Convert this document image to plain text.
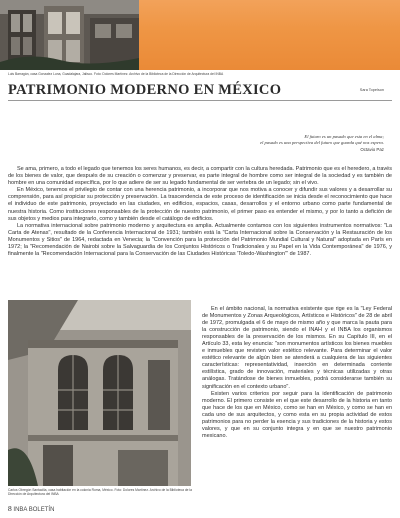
Luis Barragán, casa Gonzalez Luna, Guadalajara, Jalisco. Foto: Dolores Martínez. Archivo de la Biblioteca de la Dirección de Arquitectura del INBA
PATRIMONIO MODERNO EN MÉXICO	Sara Topelson
El futuro es un pasado que esta en el alma;
el pasado es una perspectiva del futuro que guarda qué nos espera.
Octavio Paz

Se ama, primero, a todo el legado que tenemos los seres humanos, es decir, a compartir con la cultura heredada. Patrimonio que es el heredero, a través de los bienes de valor, que después de su creación o comenzar y preservar, es parte integral de hombre como ser integral de la sociedad y es también de hombre en una comunidad específica, por lo que adiere de ser su legado fundamental de ser vertebra de un legado; sin el vivo.

En México, tenemos el privilegio de contar con una herencia patrimonio, a incorporar que nos motiva a conocer y difundir sus valores y a desarrollar su comprensión, para así propiciar su protección y preservación. La trascendencia de este proceso de identificación se inicia desde el reconocimiento que hace el individuo de este patrimonio, proyectado en las ciudades, en edificios, espacios, casas, desarrollos y el entorno urbano como parte fundamental de nuestra historia. Como instituciones responsables de la protección de nuestro patrimonio, el primer paso es entender el mismo, y por lo tanto a defición de sus objetos y medios para integrarlo, como y también desde el catálogo de edificios.

La normativa internacional sobre patrimonio moderno y arquitectura es amplia. Actualmente contamos con los siguientes instrumentos normativos: "La Carta de Atenas", resultado de la Conferencia Internacional de 1931; también está la "Carta Internacional sobre la Conservación y la Restauración de los Monumentos y Sitios" de 1964, redactada en Venecia; la "Convención para la protección del Patrimonio Mundial Cultural y Natural" adoptada en París en 1972; la "Recomendación de Nairobi sobre la Salvaguardia de los Conjuntos Históricos o Tradicionales y su Papel en la Vida Contemporánea" de 1976, y finalmente la "Recomendación Internacional para la Conservación de las Ciudades Históricas 'Toledo-Washington'" de 1987.

Carlos Obregón Santacilia, casa habitación en la colonia Roma, México. Foto: Dolores Martínez. Archivo de la Biblioteca de la Dirección de Arquitectura del INBA

En el ámbito nacional, la normativa existente que rige es la "Ley Federal de Monumentos y Zonas Arqueológicos, Artísticos e Históricos" de 28 de abril de 1972, promulgada el 6 de mayo de mismo año y que marca la pauta para la construcción de patrimonio, siendo el INAH y el INBA los organismos responsables de la preservación de los mismos. En su Capítulo III, en el Artículo 33, esta ley enuncia: "son monumentos artísticos los bienes muebles e inmuebles que revisten valor estético relevante. Para determinar el valor estético relevante de algún bien se atenderá a cualquiera de las siguientes características: representatividad, inserción en determinada corriente estilística, grado de innovación, materiales y técnicas utilizadas y otras análogas. Tratándose de bienes inmuebles, podrá considerarse también su significación en el contexto urbano".

Existen varios criterios por seguir para la identificación de patrimonio moderno. El primero consiste en el que este desarrollo de la historia en tanto que hace de los que en México, como se han en México, y como se han en cada uno de sus arquitectos, y como esta en su propia actividad de estos patrimonios para no perder la esencia y sus tradiciones de la historia y estos valores, y que en su conjunto integra y en que se nuestro patrimonio mexicano.

8 INBA BOLETÍN
